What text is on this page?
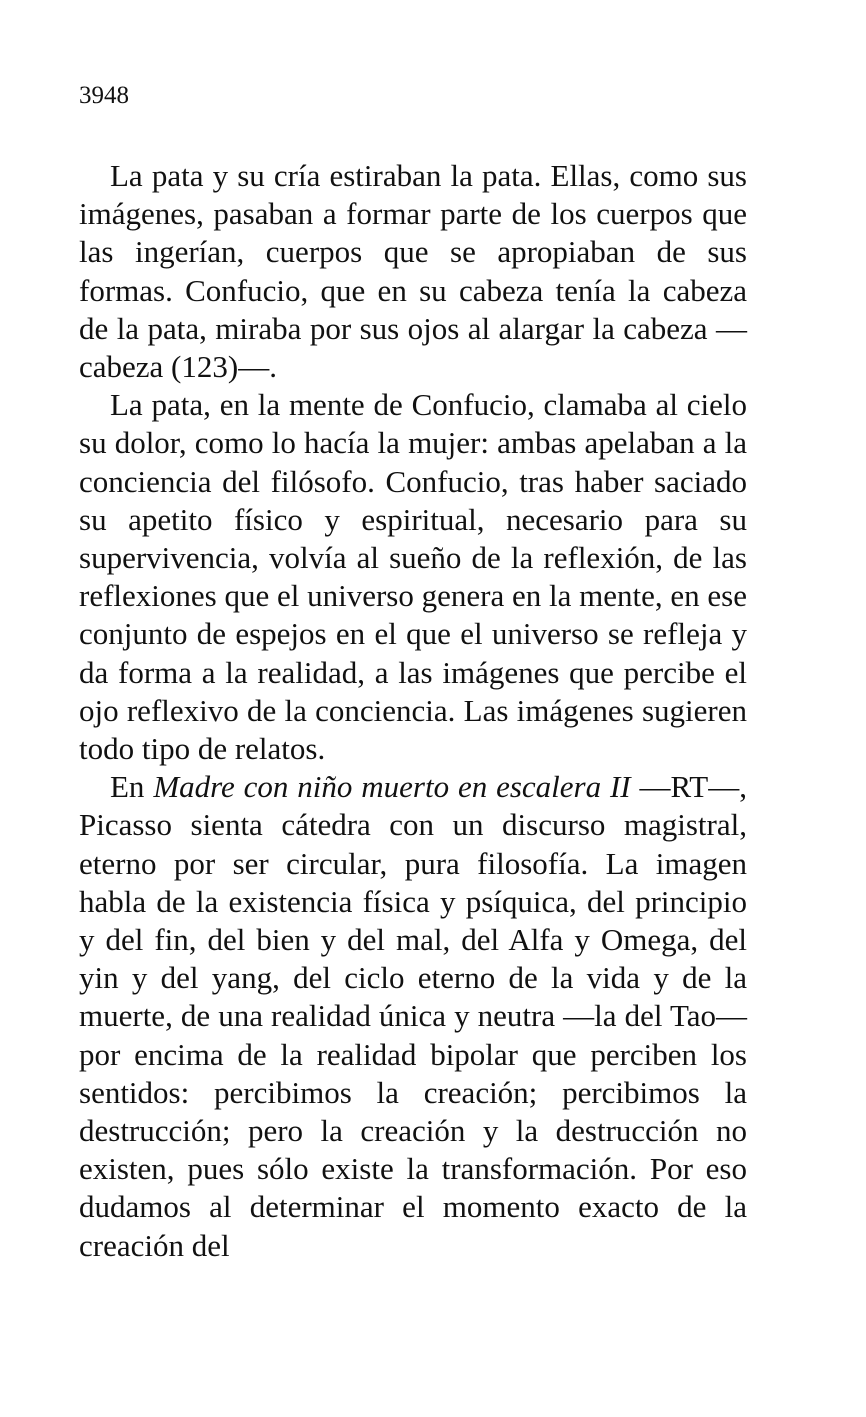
3948

La pata y su cría estiraban la pata. Ellas, como sus imágenes, pasaban a formar parte de los cuerpos que las ingerían, cuerpos que se apropiaban de sus formas. Confucio, que en su cabeza tenía la cabeza de la pata, miraba por sus ojos al alargar la cabeza —cabeza (123)—.

La pata, en la mente de Confucio, clamaba al cielo su dolor, como lo hacía la mujer: ambas apelaban a la conciencia del filósofo. Confucio, tras haber saciado su apetito físico y espiritual, necesario para su supervivencia, volvía al sueño de la reflexión, de las reflexiones que el universo genera en la mente, en ese conjunto de espejos en el que el universo se refleja y da forma a la realidad, a las imágenes que percibe el ojo reflexivo de la conciencia. Las imágenes sugieren todo tipo de relatos.

En Madre con niño muerto en escalera II —RT—, Picasso sienta cátedra con un discurso magistral, eterno por ser circular, pura filosofía. La imagen habla de la existencia física y psíquica, del principio y del fin, del bien y del mal, del Alfa y Omega, del yin y del yang, del ciclo eterno de la vida y de la muerte, de una realidad única y neutra —la del Tao— por encima de la realidad bipolar que perciben los sentidos: percibimos la creación; percibimos la destrucción; pero la creación y la destrucción no existen, pues sólo existe la transformación. Por eso dudamos al determinar el momento exacto de la creación del
